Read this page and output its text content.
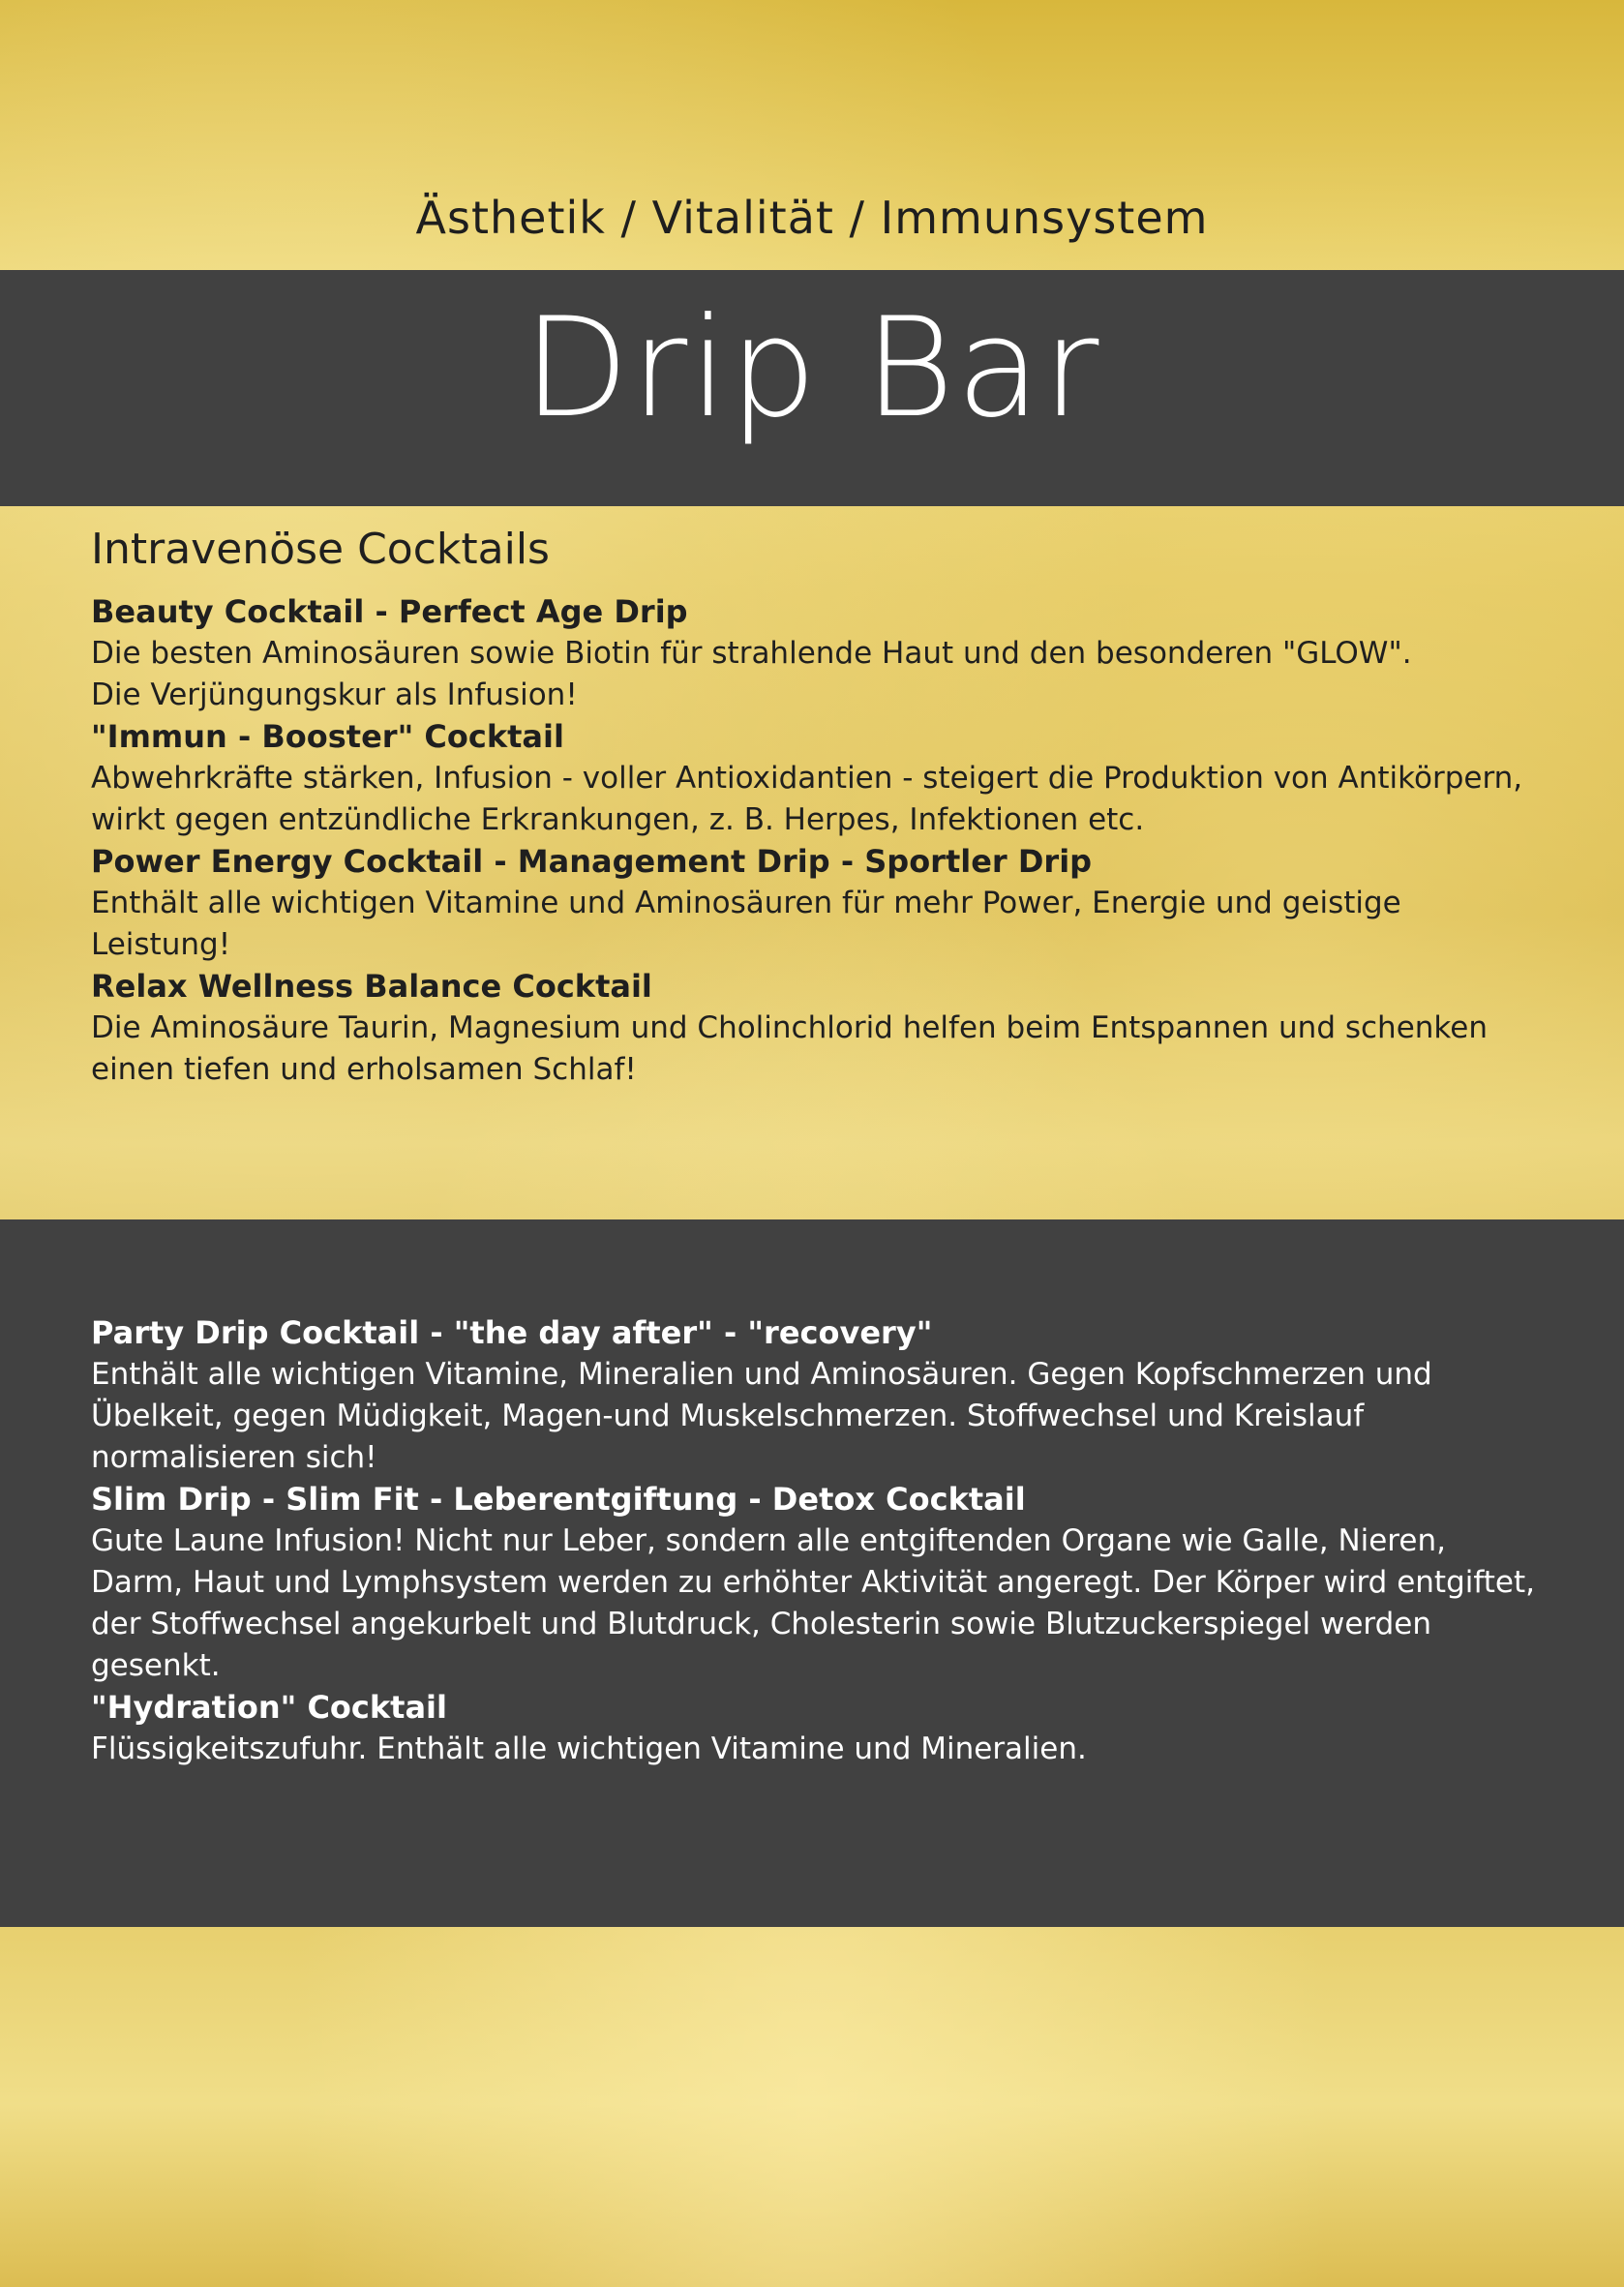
Ästhetik / Vitalität / Immunsystem
Drip Bar
Intravenöse Cocktails
Beauty Cocktail - Perfect Age Drip
Die besten Aminosäuren sowie Biotin für strahlende Haut und den besonderen "GLOW".
Die Verjüngungskur als Infusion!
"Immun - Booster" Cocktail
Abwehrkräfte stärken, Infusion - voller Antioxidantien - steigert die Produktion von Antikörpern,
wirkt gegen entzündliche Erkrankungen, z. B. Herpes, Infektionen etc.
Power Energy Cocktail - Management Drip - Sportler Drip
Enthält alle wichtigen Vitamine und Aminosäuren für mehr Power, Energie und geistige Leistung!
Relax Wellness Balance Cocktail
Die Aminosäure Taurin, Magnesium und Cholinchlorid helfen beim Entspannen und schenken
einen tiefen und erholsamen Schlaf!
Party Drip Cocktail - "the day after" - "recovery"
Enthält alle wichtigen Vitamine, Mineralien und Aminosäuren. Gegen Kopfschmerzen und
Übelkeit, gegen Müdigkeit, Magen-und Muskelschmerzen. Stoffwechsel und Kreislauf
normalisieren sich!
Slim Drip - Slim Fit - Leberentgiftung - Detox Cocktail
Gute Laune Infusion! Nicht nur Leber, sondern alle entgiftenden Organe wie Galle, Nieren,
Darm, Haut und Lymphsystem werden zu erhöhter Aktivität angeregt. Der Körper wird entgiftet,
der Stoffwechsel angekurbelt und Blutdruck, Cholesterin sowie Blutzuckerspiegel werden gesenkt.
"Hydration" Cocktail
Flüssigkeitszufuhr. Enthält alle wichtigen Vitamine und Mineralien.
